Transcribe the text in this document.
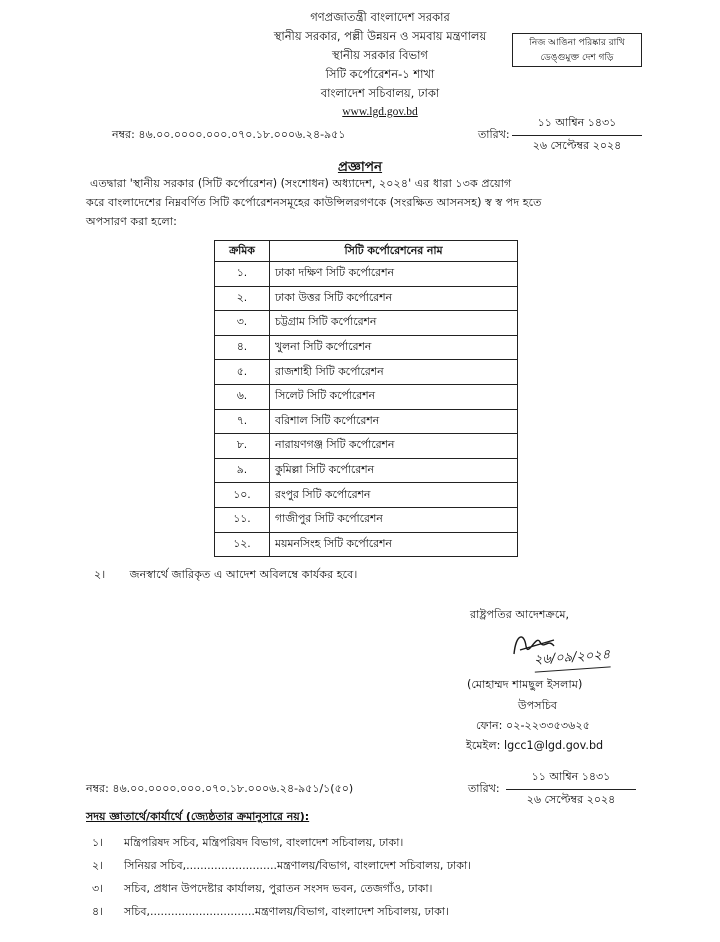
গণপ্রজাতন্ত্রী বাংলাদেশ সরকার
স্থানীয় সরকার, পল্লী উন্নয়ন ও সমবায় মন্ত্রণালয়
স্থানীয় সরকার বিভাগ
সিটি কর্পোরেশন-১ শাখা
বাংলাদেশ সচিবালয়, ঢাকা
www.lgd.gov.bd
নিজ আঙিনা পরিষ্কার রাখি
ডেঙ্গুমুক্ত দেশ গড়ি
নম্বর: ৪৬.০০.০০০০.০০০.০৭০.১৮.০০০৬.২৪-৯৫১	তারিখ:
১১ আশ্বিন ১৪৩১
২৬ সেপ্টেম্বর ২০২৪
প্রজ্ঞাপন
এতদ্বারা 'স্থানীয় সরকার (সিটি কর্পোরেশন) (সংশোধন) অধ্যাদেশ, ২০২৪' এর ধারা ১৩ক প্রয়োগ
করে বাংলাদেশের নিম্নবর্ণিত সিটি কর্পোরেশনসমূহের কাউন্সিলরগণকে (সংরক্ষিত আসনসহ) স্ব স্ব পদ হতে
অপসারণ করা হলো:
ক্রমিক	সিটি কর্পোরেশনের নাম
১.	ঢাকা দক্ষিণ সিটি কর্পোরেশন
২.	ঢাকা উত্তর সিটি কর্পোরেশন
৩.	চট্টগ্রাম সিটি কর্পোরেশন
৪.	খুলনা সিটি কর্পোরেশন
৫.	রাজশাহী সিটি কর্পোরেশন
৬.	সিলেট সিটি কর্পোরেশন
৭.	বরিশাল সিটি কর্পোরেশন
৮.	নারায়ণগঞ্জ সিটি কর্পোরেশন
৯.	কুমিল্লা সিটি কর্পোরেশন
১০.	রংপুর সিটি কর্পোরেশন
১১.	গাজীপুর সিটি কর্পোরেশন
১২.	ময়মনসিংহ সিটি কর্পোরেশন
২। জনস্বার্থে জারিকৃত এ আদেশ অবিলম্বে কার্যকর হবে।
রাষ্ট্রপতির আদেশক্রমে,
২৬/০৯/২০২৪
(মোহাম্মদ শামছুল ইসলাম)
উপসচিব
ফোন: ০২-২২৩৩৫৩৬২৫
ইমেইল: lgcc1@lgd.gov.bd
নম্বর: ৪৬.০০.০০০০.০০০.০৭০.১৮.০০০৬.২৪-৯৫১/১(৫০)	তারিখ:
১১ আশ্বিন ১৪৩১
২৬ সেপ্টেম্বর ২০২৪
সদয় জ্ঞাতার্থে/কার্যার্থে (জ্যেষ্ঠতার ক্রমানুসারে নয়):
১। মন্ত্রিপরিষদ সচিব, মন্ত্রিপরিষদ বিভাগ, বাংলাদেশ সচিবালয়, ঢাকা।
২। সিনিয়র সচিব,..........................মন্ত্রণালয়/বিভাগ, বাংলাদেশ সচিবালয়, ঢাকা।
৩। সচিব, প্রধান উপদেষ্টার কার্যালয়, পুরাতন সংসদ ভবন, তেজগাঁও, ঢাকা।
৪। সচিব,..............................মন্ত্রণালয়/বিভাগ, বাংলাদেশ সচিবালয়, ঢাকা।
